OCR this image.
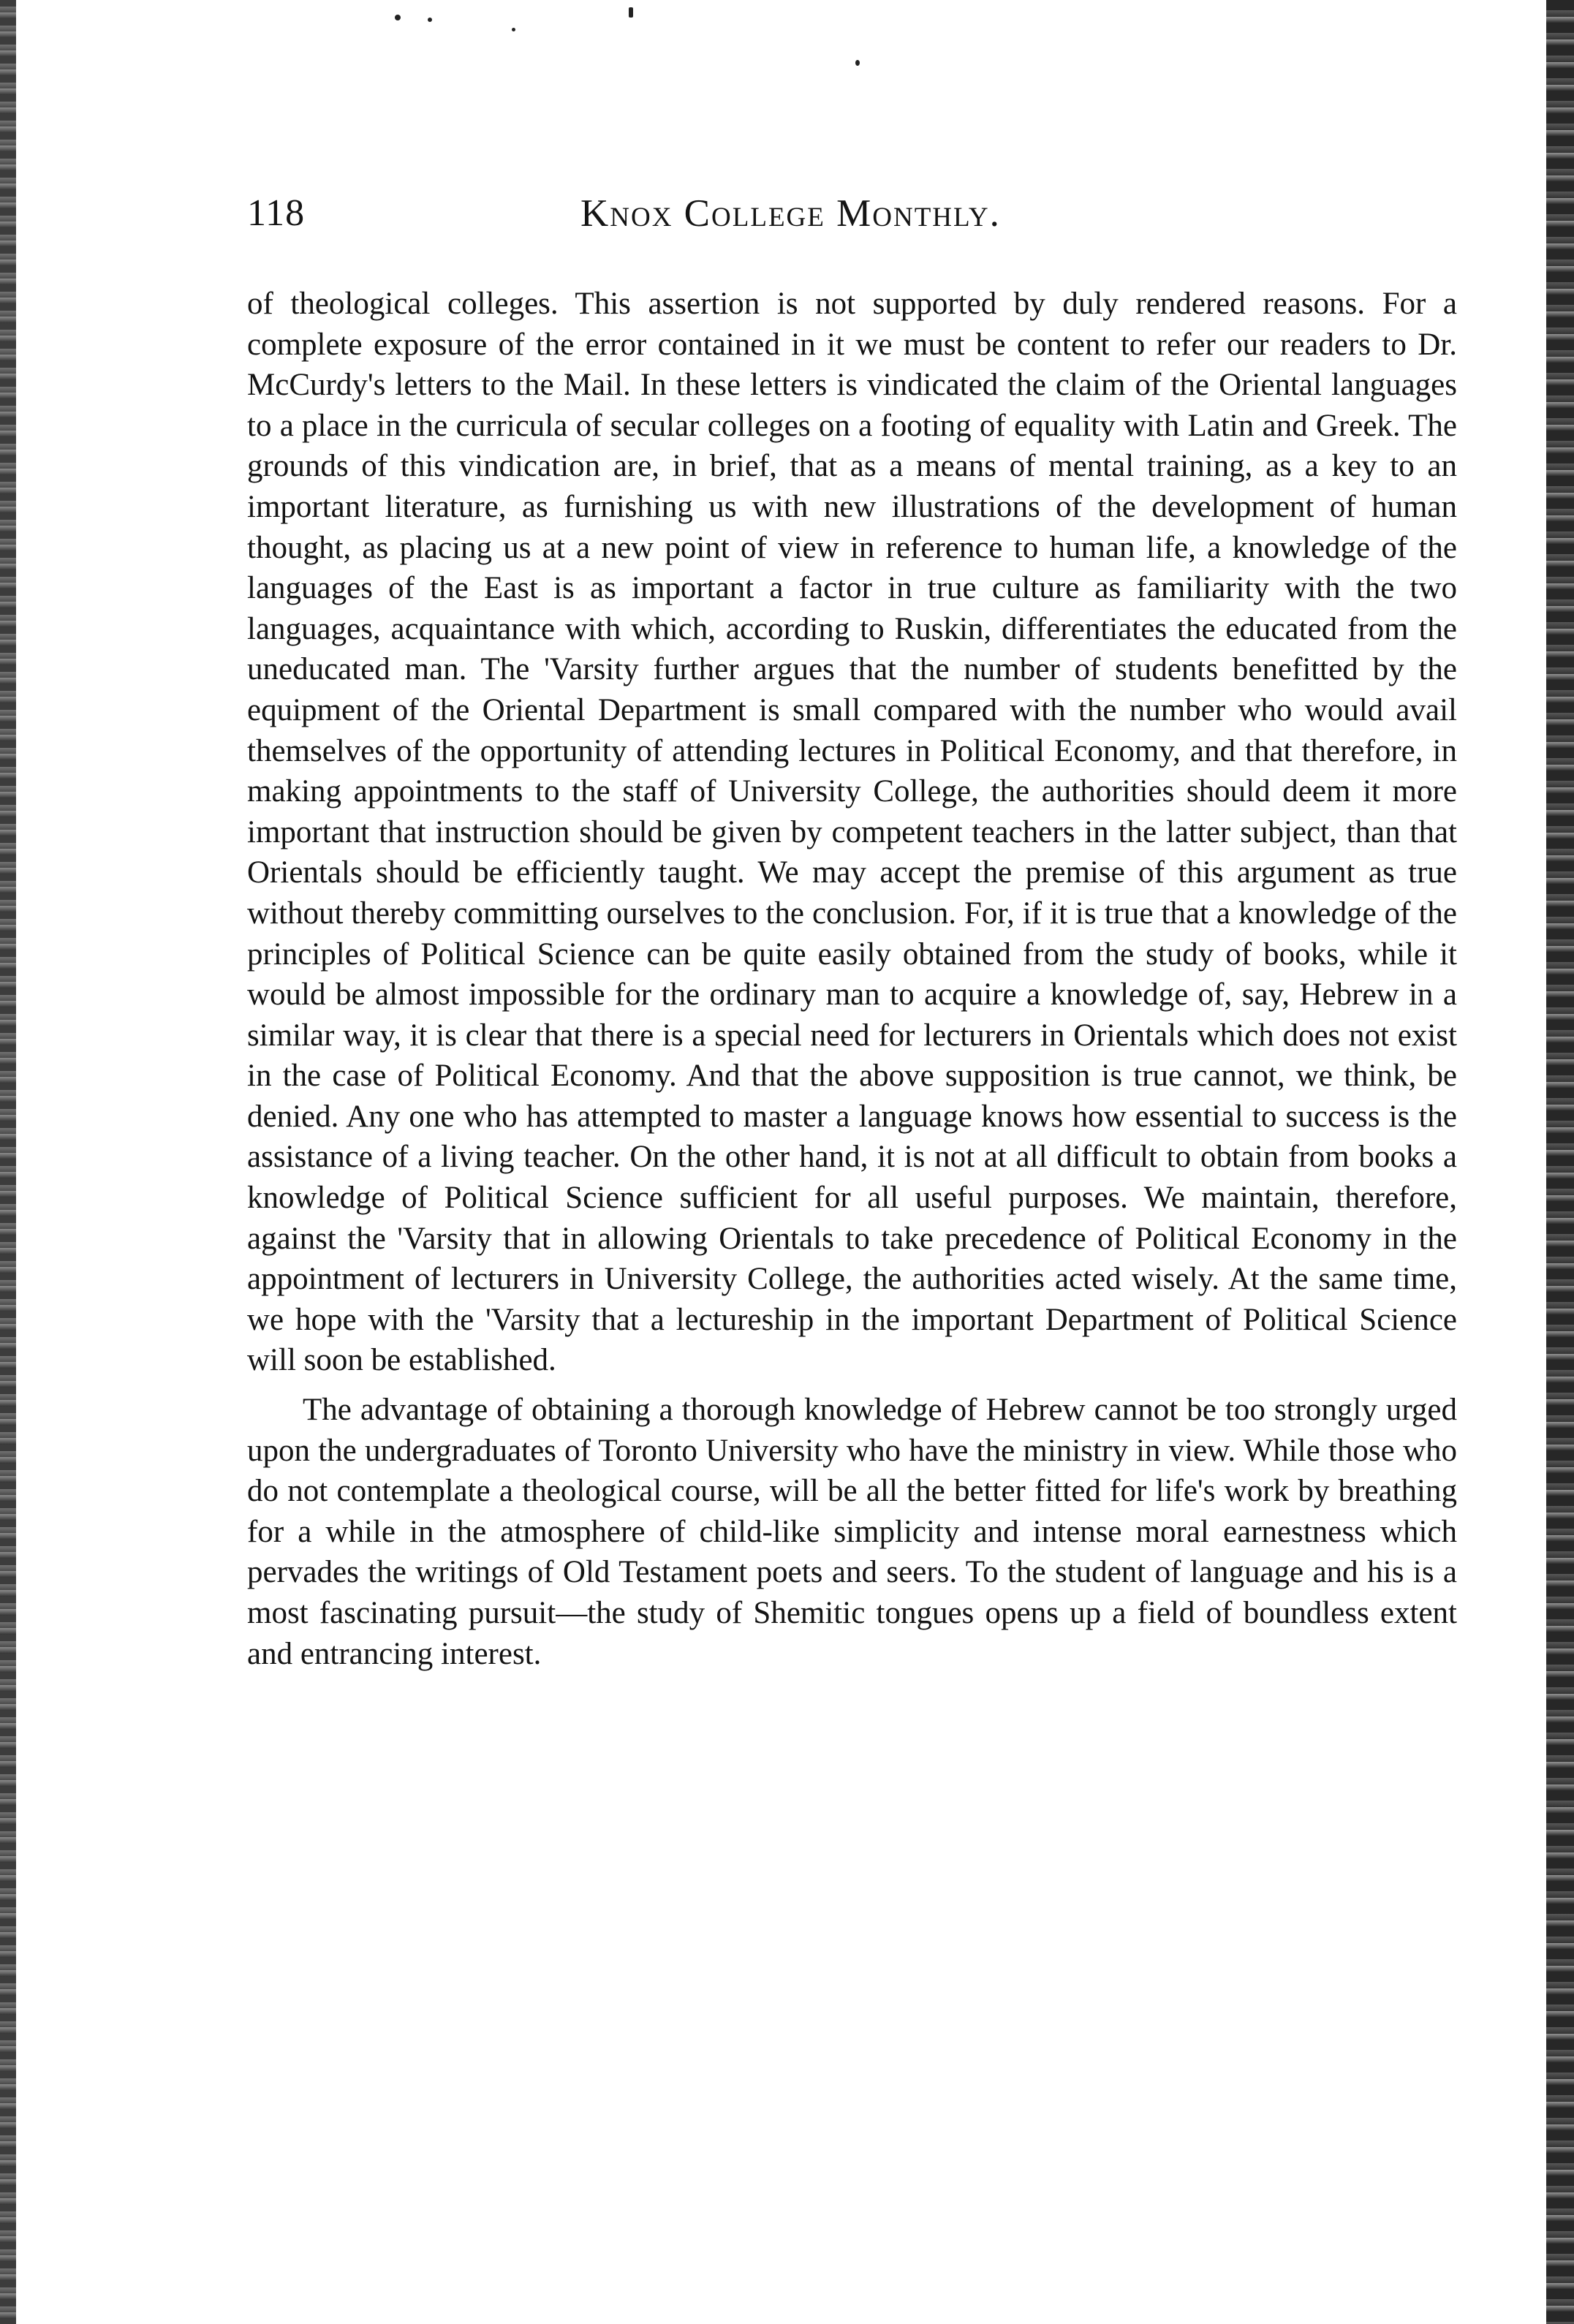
118	Knox College Monthly.

of theological colleges. This assertion is not supported by duly rendered reasons. For a complete exposure of the error contained in it we must be content to refer our readers to Dr. McCurdy's letters to the Mail. In these letters is vindicated the claim of the Oriental languages to a place in the curricula of secular colleges on a footing of equality with Latin and Greek. The grounds of this vindication are, in brief, that as a means of mental training, as a key to an important literature, as furnishing us with new illustrations of the development of human thought, as placing us at a new point of view in reference to human life, a knowledge of the languages of the East is as important a factor in true culture as familiarity with the two languages, acquaintance with which, according to Ruskin, differentiates the educated from the uneducated man. The 'Varsity further argues that the number of students benefitted by the equipment of the Oriental Department is small compared with the number who would avail themselves of the opportunity of attending lectures in Political Economy, and that therefore, in making appointments to the staff of University College, the authorities should deem it more important that instruction should be given by competent teachers in the latter subject, than that Orientals should be efficiently taught. We may accept the premise of this argument as true without thereby committing ourselves to the conclusion. For, if it is true that a knowledge of the principles of Political Science can be quite easily obtained from the study of books, while it would be almost impossible for the ordinary man to acquire a knowledge of, say, Hebrew in a similar way, it is clear that there is a special need for lecturers in Orientals which does not exist in the case of Political Economy. And that the above supposition is true cannot, we think, be denied. Any one who has attempted to master a language knows how essential to success is the assistance of a living teacher. On the other hand, it is not at all difficult to obtain from books a knowledge of Political Science sufficient for all useful purposes. We maintain, therefore, against the 'Varsity that in allowing Orientals to take precedence of Political Economy in the appointment of lecturers in University College, the authorities acted wisely. At the same time, we hope with the 'Varsity that a lectureship in the important Department of Political Science will soon be established.

The advantage of obtaining a thorough knowledge of Hebrew cannot be too strongly urged upon the undergraduates of Toronto University who have the ministry in view. While those who do not contemplate a theological course, will be all the better fitted for life's work by breathing for a while in the atmosphere of child-like simplicity and intense moral earnestness which pervades the writings of Old Testament poets and seers. To the student of language and his is a most fascinating pursuit—the study of Shemitic tongues opens up a field of boundless extent and entrancing interest.
